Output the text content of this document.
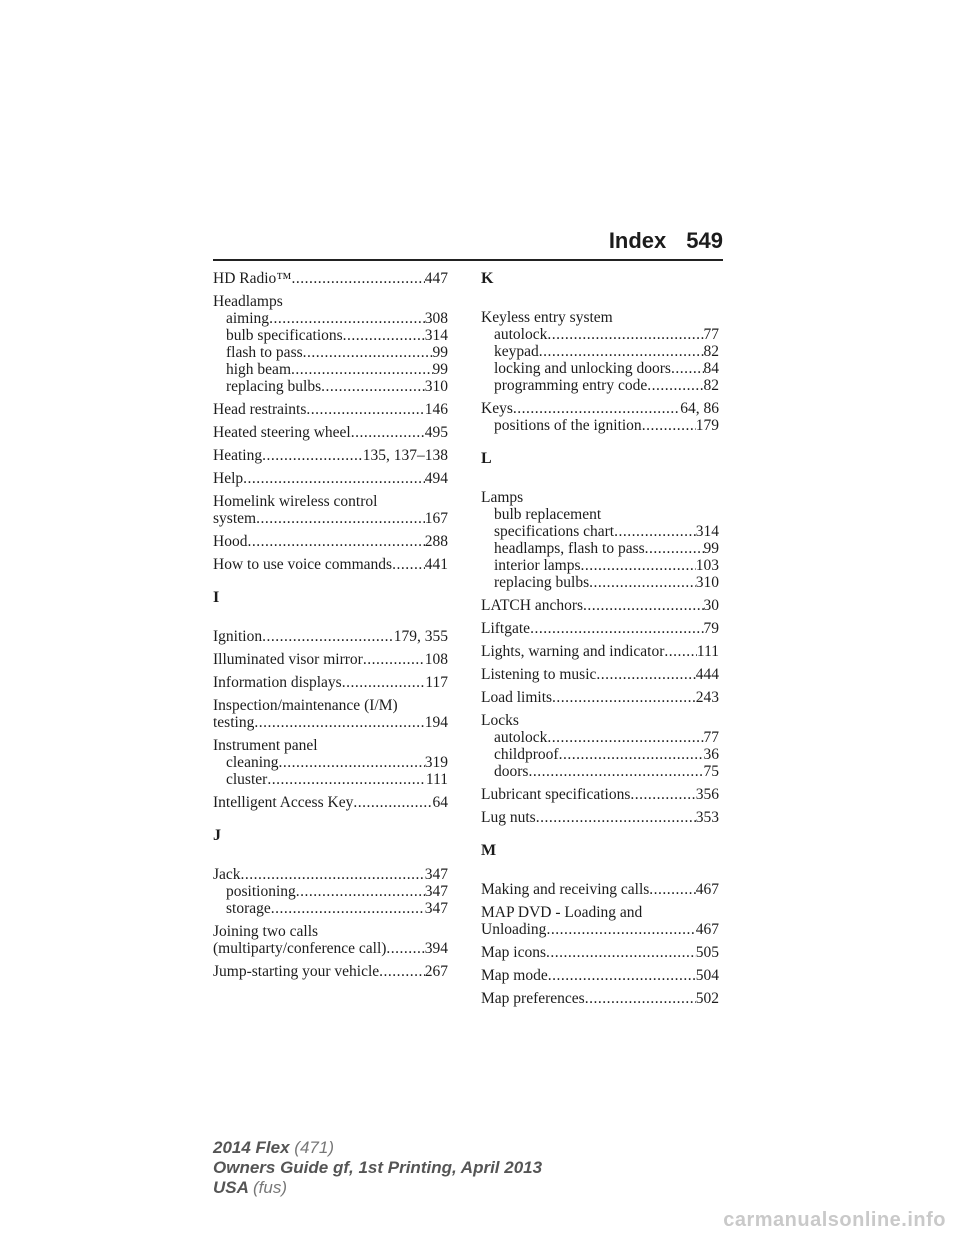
Index 549
HD Radio™ .....	447
Headlamps
aiming .....	308
bulb specifications .....	314
flash to pass .....	99
high beam .....	99
replacing bulbs .....	310
Head restraints .....	146
Heated steering wheel .....	495
Heating .....	135, 137–138
Help .....	494
Homelink wireless control
system .....	167
Hood .....	288
How to use voice commands ..... 441
I
Ignition .....	179, 355
Illuminated visor mirror .....	108
Information displays .....	117
Inspection/maintenance (I/M)
testing .....	194
Instrument panel
cleaning .....	319
cluster .....	111
Intelligent Access Key .....	64
J
Jack .....	347
positioning .....	347
storage .....	347
Joining two calls
(multiparty/conference call) ..... 394
Jump-starting your vehicle .....	267
K
Keyless entry system
autolock .....	77
keypad .....	82
locking and unlocking doors ..... 84
programming entry code .....	82
Keys .....	64, 86
positions of the ignition .....	179
L
Lamps
bulb replacement
specifications chart .....	314
headlamps, flash to pass .....	99
interior lamps .....	103
replacing bulbs .....	310
LATCH anchors .....	30
Liftgate .....	79
Lights, warning and indicator ..... 111
Listening to music .....	444
Load limits .....	243
Locks
autolock .....	77
childproof .....	36
doors .....	75
Lubricant specifications .....	356
Lug nuts .....	353
M
Making and receiving calls .....	467
MAP DVD - Loading and
Unloading .....	467
Map icons .....	505
Map mode .....	504
Map preferences .....	502
2014 Flex (471)
Owners Guide gf, 1st Printing, April 2013
USA (fus)
carmanualsonline.info
